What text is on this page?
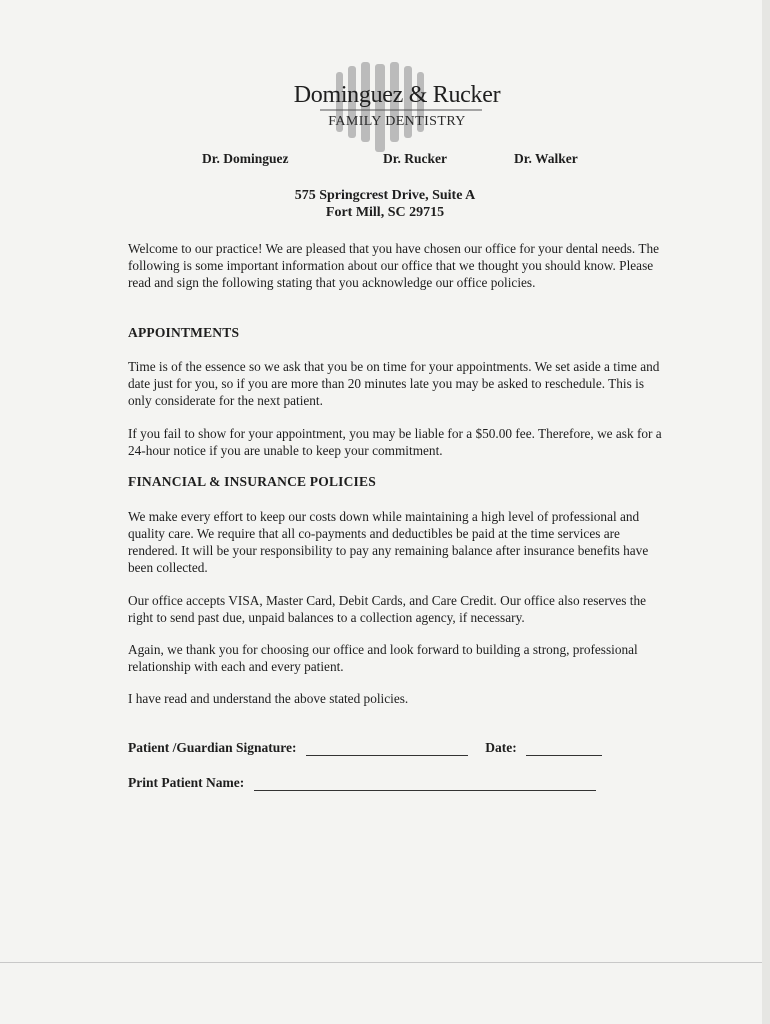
Dominguez & Rucker
FAMILY DENTISTRY
Dr. Dominguez	Dr. Rucker	Dr. Walker
575 Springcrest Drive, Suite A
Fort Mill, SC 29715

Welcome to our practice! We are pleased that you have chosen our office for your dental needs. The following is some important information about our office that we thought you should know. Please read and sign the following stating that you acknowledge our office policies.

APPOINTMENTS

Time is of the essence so we ask that you be on time for your appointments. We set aside a time and date just for you, so if you are more than 20 minutes late you may be asked to reschedule. This is only considerate for the next patient.

If you fail to show for your appointment, you may be liable for a $50.00 fee. Therefore, we ask for a 24-hour notice if you are unable to keep your commitment.

FINANCIAL & INSURANCE POLICIES

We make every effort to keep our costs down while maintaining a high level of professional and quality care. We require that all co-payments and deductibles be paid at the time services are rendered. It will be your responsibility to pay any remaining balance after insurance benefits have been collected.

Our office accepts VISA, Master Card, Debit Cards, and Care Credit. Our office also reserves the right to send past due, unpaid balances to a collection agency, if necessary.

Again, we thank you for choosing our office and look forward to building a strong, professional relationship with each and every patient.

I have read and understand the above stated policies.

Patient /Guardian Signature:	Date:
Print Patient Name:
